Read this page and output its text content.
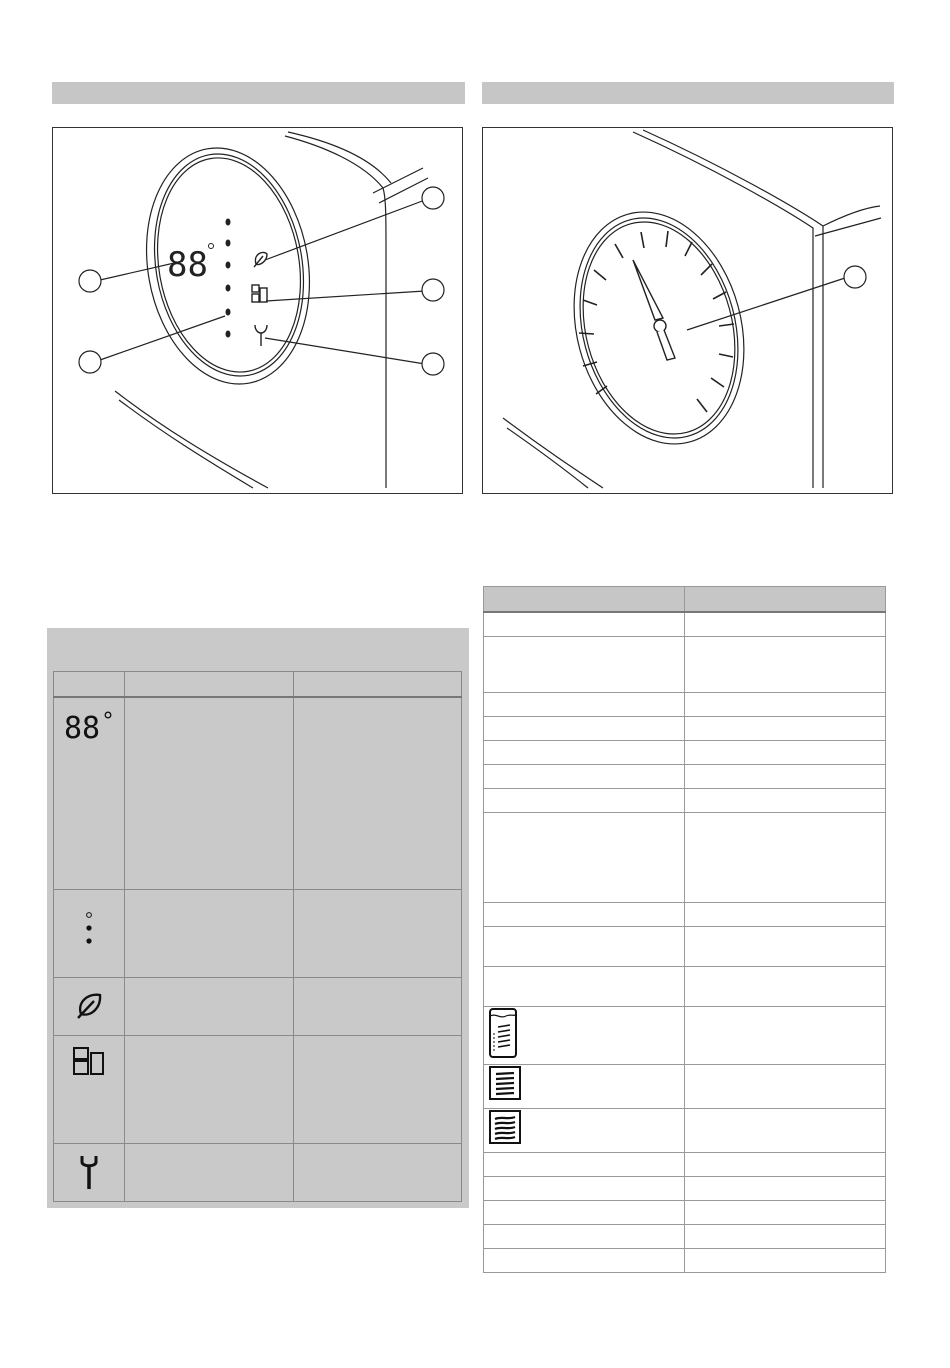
88

88		
